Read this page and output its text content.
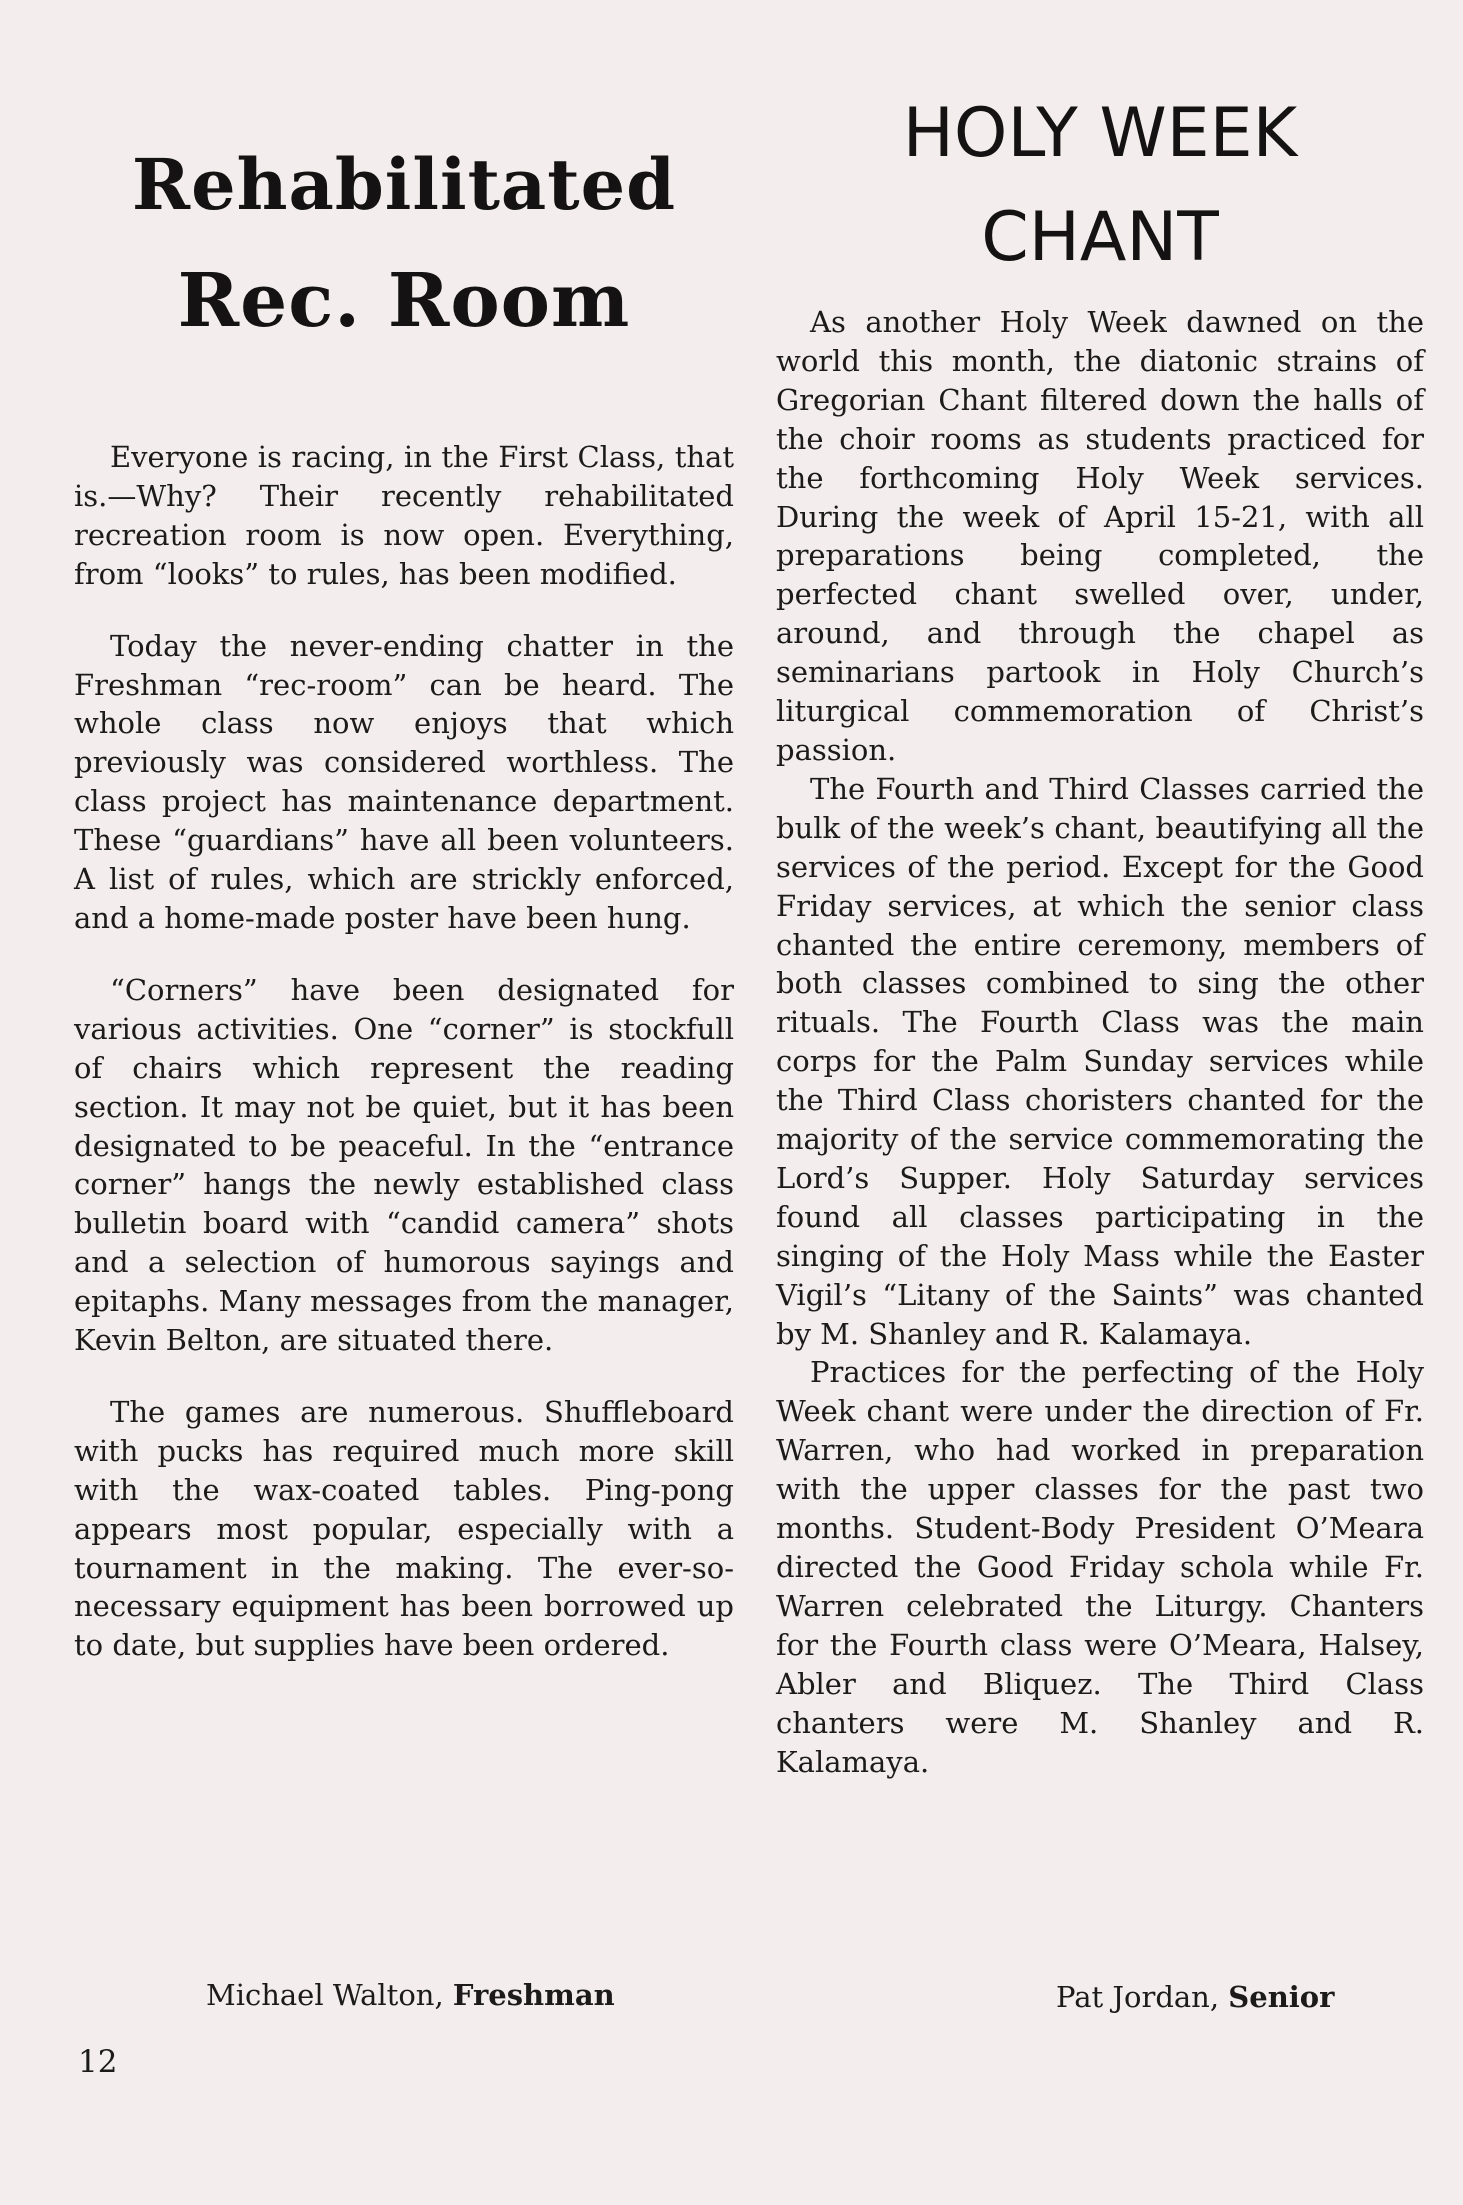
Rehabilitated
Rec. Room

Everyone is racing, in the First Class, that is.—Why? Their recently rehabilitated recreation room is now open. Everything, from “looks” to rules, has been modified.

Today the never-ending chatter in the Freshman “rec-room” can be heard. The whole class now enjoys that which previously was considered worthless. The class project has maintenance department. These “guardians” have all been volunteers. A list of rules, which are strickly enforced, and a home-made poster have been hung.

“Corners” have been designated for various activities. One “corner” is stockfull of chairs which represent the reading section. It may not be quiet, but it has been designated to be peaceful. In the “entrance corner” hangs the newly established class bulletin board with “candid camera” shots and a selection of humorous sayings and epitaphs. Many messages from the manager, Kevin Belton, are situated there.

The games are numerous. Shuffleboard with pucks has required much more skill with the wax-coated tables. Ping-pong appears most popular, especially with a tournament in the making. The ever-so-necessary equipment has been borrowed up to date, but supplies have been ordered.

Michael Walton, Freshman
HOLY WEEK
CHANT

As another Holy Week dawned on the world this month, the diatonic strains of Gregorian Chant filtered down the halls of the choir rooms as students practiced for the forthcoming Holy Week services. During the week of April 15-21, with all preparations being completed, the perfected chant swelled over, under, around, and through the chapel as seminarians partook in Holy Church’s liturgical commemoration of Christ’s passion.

The Fourth and Third Classes carried the bulk of the week’s chant, beautifying all the services of the period. Except for the Good Friday services, at which the senior class chanted the entire ceremony, members of both classes combined to sing the other rituals. The Fourth Class was the main corps for the Palm Sunday services while the Third Class choristers chanted for the majority of the service commemorating the Lord’s Supper. Holy Saturday services found all classes participating in the singing of the Holy Mass while the Easter Vigil’s “Litany of the Saints” was chanted by M. Shanley and R. Kalamaya.

Practices for the perfecting of the Holy Week chant were under the direction of Fr. Warren, who had worked in preparation with the upper classes for the past two months. Student-Body President O’Meara directed the Good Friday schola while Fr. Warren celebrated the Liturgy. Chanters for the Fourth class were O’Meara, Halsey, Abler and Bliquez. The Third Class chanters were M. Shanley and R. Kalamaya.

Pat Jordan, Senior
12
